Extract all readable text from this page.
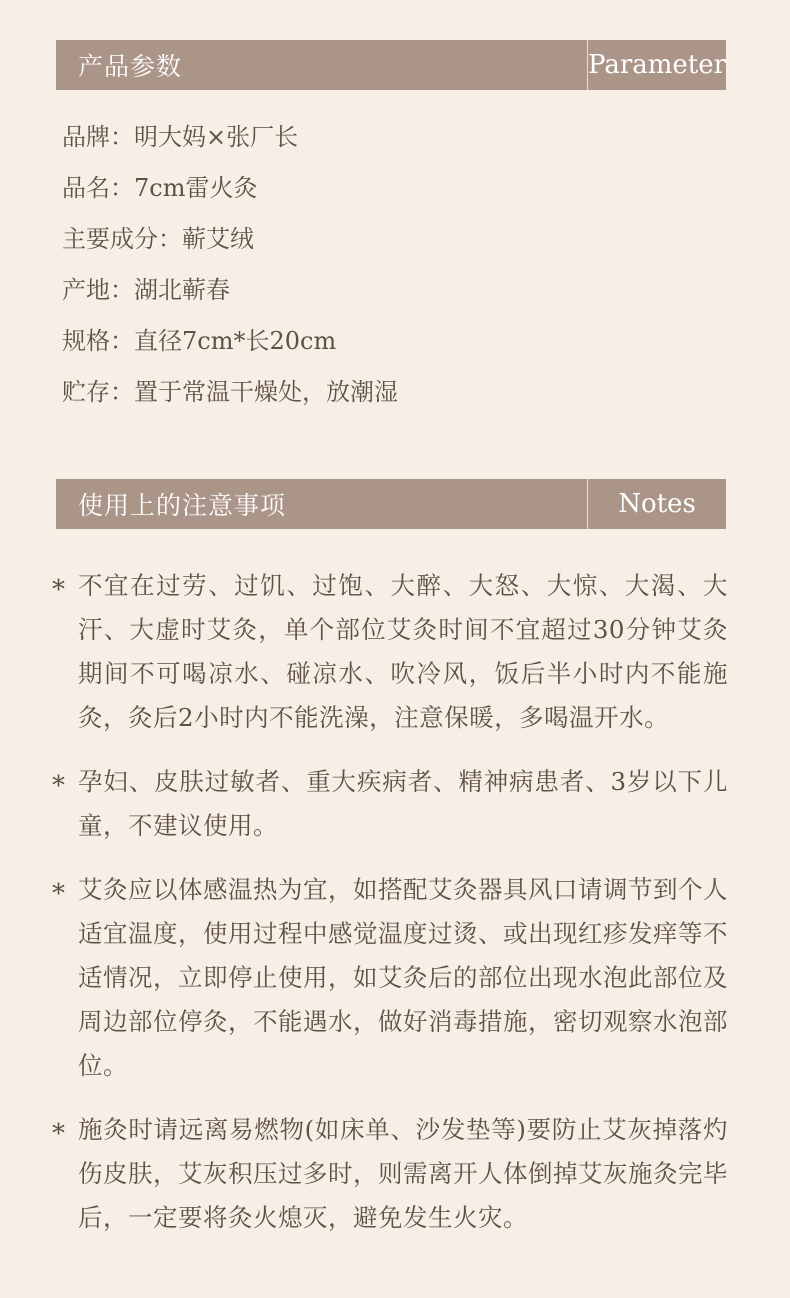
产品参数	Parameter
品牌：明大妈×张厂长
品名：7cm雷火灸
主要成分：蕲艾绒
产地：湖北蕲春
规格：直径7cm*长20cm
贮存：置于常温干燥处，放潮湿
使用上的注意事项	Notes
* 不宜在过劳、过饥、过饱、大醉、大怒、大惊、大渴、大汗、大虚时艾灸，单个部位艾灸时间不宜超过30分钟艾灸期间不可喝凉水、碰凉水、吹冷风，饭后半小时内不能施灸，灸后2小时内不能洗澡，注意保暖，多喝温开水。
* 孕妇、皮肤过敏者、重大疾病者、精神病患者、3岁以下儿童，不建议使用。
* 艾灸应以体感温热为宜，如搭配艾灸器具风口请调节到个人适宜温度，使用过程中感觉温度过烫、或出现红疹发痒等不适情况，立即停止使用，如艾灸后的部位出现水泡此部位及周边部位停灸，不能遇水，做好消毒措施，密切观察水泡部位。
* 施灸时请远离易燃物(如床单、沙发垫等)要防止艾灰掉落灼伤皮肤，艾灰积压过多时，则需离开人体倒掉艾灰施灸完毕后，一定要将灸火熄灭，避免发生火灾。
